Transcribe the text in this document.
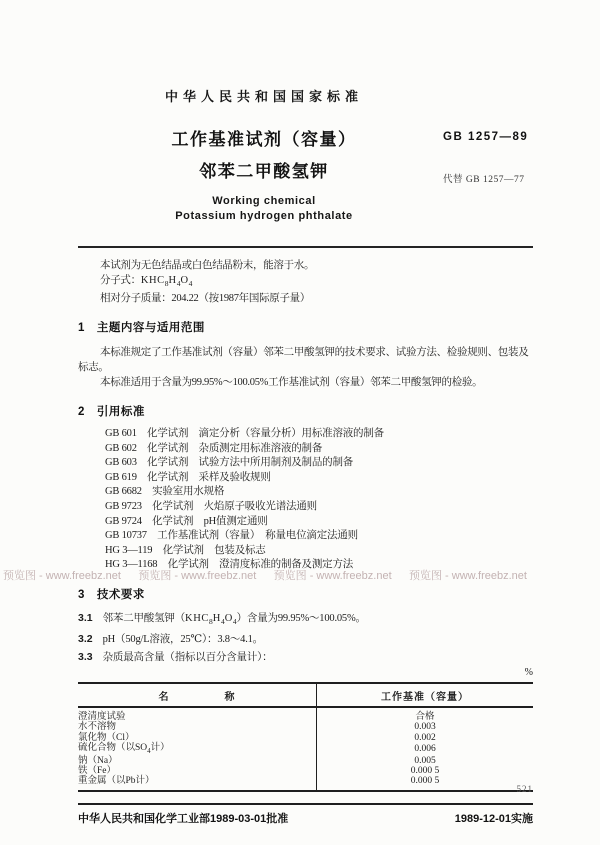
中华人民共和国国家标准
工作基准试剂（容量）
邻苯二甲酸氢钾
Working chemical
Potassium hydrogen phthalate
本试剂为无色结晶或白色结晶粉末，能溶于水。
分子式：$KHC_8H_4O_4$
相对分子质量：204.22（按1987年国际原子量）
1 主题内容与适用范围
本标准规定了工作基准试剂（容量）邻苯二甲酸氢钾的技术要求、试验方法、检验规则、包装及标志。
本标准适用于含量为99.95%～100.05%工作基准试剂（容量）邻苯二甲酸氢钾的检验。
2 引用标准
GB 601　化学试剂　滴定分析（容量分析）用标准溶液的制备
GB 602　化学试剂　杂质测定用标准溶液的制备
GB 603　化学试剂　试验方法中所用制剂及制品的制备
GB 619　化学试剂　采样及验收规则
GB 6682　实验室用水规格
GB 9723　化学试剂　火焰原子吸收光谱法通则
GB 9724　化学试剂　pH值测定通则
GB 10737　工作基准试剂（容量）　称量电位滴定法通则
HG 3—119　化学试剂　包装及标志
HG 3—1168　化学试剂　澄清度标准的制备及测定方法
3 技术要求
3.1 邻苯二甲酸氢钾$(KHC_8H_4O_4)$含量为99.95%～100.05%。
3.2 pH（50g/L溶液，25℃）：3.8～4.1。
3.3 杂质最高含量（指标以百分含量计）：
%
名　　　　　称	工作基准（容量）
澄清度试验	合格
水不溶物	0.003
氯化物（Cl）	0.002
硫化合物（以$SO_4$计）	0.006
钠（Na）	0.005
铁（Fe）	0.000 5
重金属（以Pb计）	0.000 5
中华人民共和国化学工业部1989-03-01批准	1989-12-01实施
预览图 - www.freebz.net 预览图 - www.freebz.net 预览图 - www.freebz.net 预览图 - www.freebz.net
521
GB 1257—89
代替 GB 1257—77
